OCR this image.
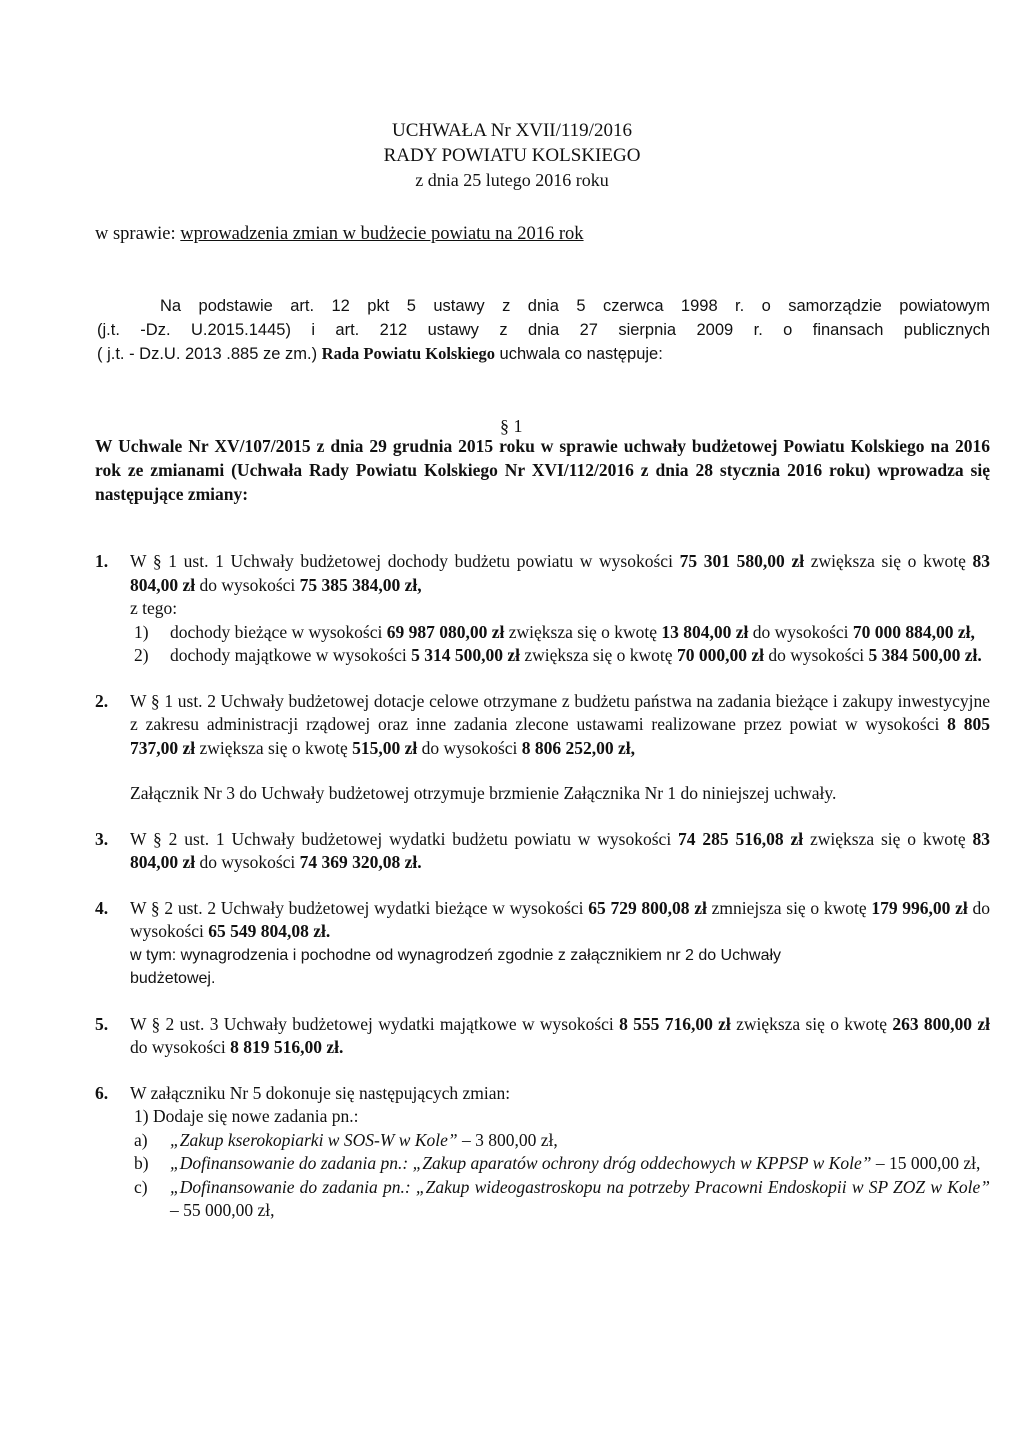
UCHWAŁA Nr XVII/119/2016
RADY POWIATU KOLSKIEGO
z dnia 25 lutego 2016 roku
w sprawie: wprowadzenia zmian w budżecie powiatu na 2016 rok
Na podstawie art. 12 pkt 5 ustawy z dnia 5 czerwca 1998 r. o samorządzie powiatowym
(j.t. -Dz. U.2015.1445) i art. 212 ustawy z dnia 27 sierpnia 2009 r. o finansach publicznych
( j.t. - Dz.U. 2013 .885 ze zm.) Rada Powiatu Kolskiego uchwala co następuje:
§ 1
W Uchwale Nr XV/107/2015 z dnia 29 grudnia 2015 roku w sprawie uchwały budżetowej Powiatu Kolskiego na 2016 rok ze zmianami (Uchwała Rady Powiatu Kolskiego Nr XVI/112/2016 z dnia 28 stycznia 2016 roku) wprowadza się następujące zmiany:
1. W § 1 ust. 1 Uchwały budżetowej dochody budżetu powiatu w wysokości 75 301 580,00 zł zwiększa się o kwotę 83 804,00 zł do wysokości 75 385 384,00 zł,

z tego:

1) dochody bieżące w wysokości 69 987 080,00 zł zwiększa się o kwotę 13 804,00 zł do wysokości 70 000 884,00 zł,

2) dochody majątkowe w wysokości 5 314 500,00 zł zwiększa się o kwotę 70 000,00 zł do wysokości 5 384 500,00 zł.

2. W § 1 ust. 2 Uchwały budżetowej dotacje celowe otrzymane z budżetu państwa na zadania bieżące i zakupy inwestycyjne z zakresu administracji rządowej oraz inne zadania zlecone ustawami realizowane przez powiat w wysokości 8 805 737,00 zł zwiększa się o kwotę 515,00 zł do wysokości 8 806 252,00 zł,

Załącznik Nr 3 do Uchwały budżetowej otrzymuje brzmienie Załącznika Nr 1 do niniejszej uchwały.

3. W § 2 ust. 1 Uchwały budżetowej wydatki budżetu powiatu w wysokości 74 285 516,08 zł zwiększa się o kwotę 83 804,00 zł do wysokości 74 369 320,08 zł.

4. W § 2 ust. 2 Uchwały budżetowej wydatki bieżące w wysokości 65 729 800,08 zł zmniejsza się o kwotę 179 996,00 zł do wysokości 65 549 804,08 zł.

w tym: wynagrodzenia i pochodne od wynagrodzeń zgodnie z załącznikiem nr 2 do Uchwały budżetowej.

5. W § 2 ust. 3 Uchwały budżetowej wydatki majątkowe w wysokości 8 555 716,00 zł zwiększa się o kwotę 263 800,00 zł do wysokości 8 819 516,00 zł.

6. W załączniku Nr 5 dokonuje się następujących zmian:

1) Dodaje się nowe zadania pn.:

a) „Zakup kserokopiarki w SOS-W w Kole” – 3 800,00 zł,

b) „Dofinansowanie do zadania pn.: „Zakup aparatów ochrony dróg oddechowych w KPPSP w Kole” – 15 000,00 zł,

c) „Dofinansowanie do zadania pn.: „Zakup wideogastroskopu na potrzeby Pracowni Endoskopii w SP ZOZ w Kole” – 55 000,00 zł,
